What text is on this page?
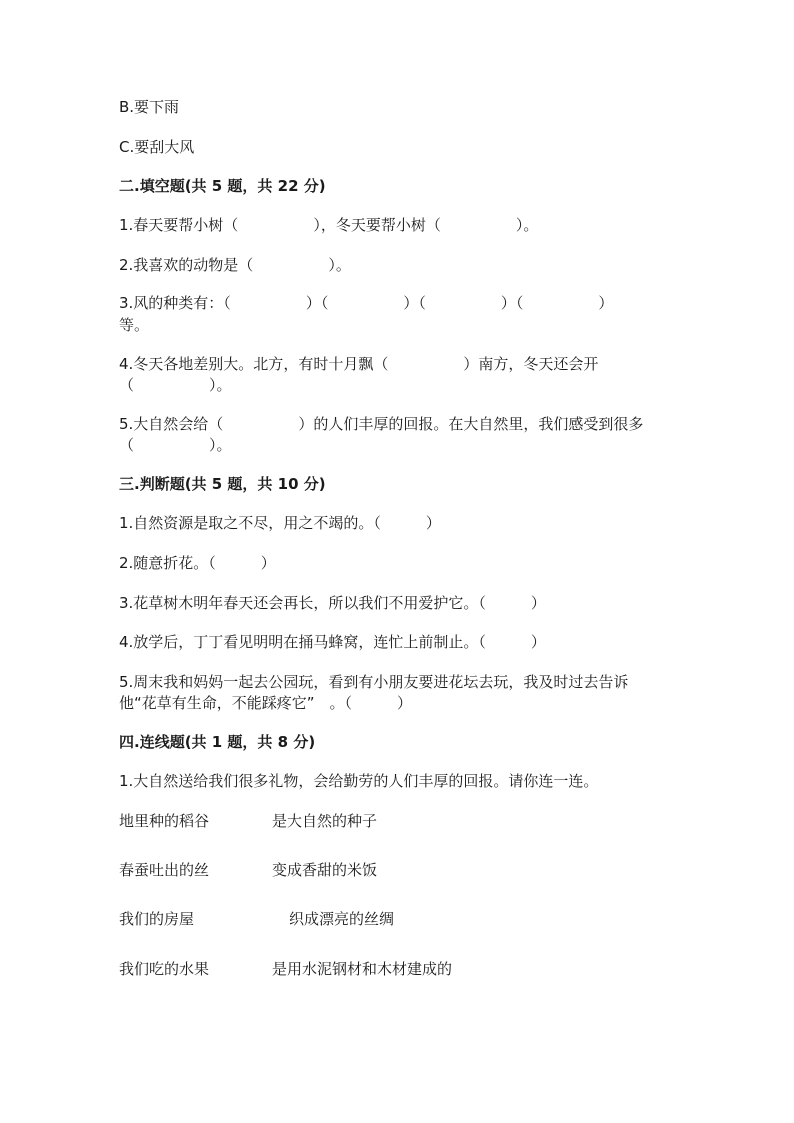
B.要下雨

C.要刮大风

二.填空题(共 5 题，共 22 分)

1.春天要帮小树（　　　　　），冬天要帮小树（　　　　　）。

2.我喜欢的动物是（　　　　　）。

3.风的种类有：（　　　　　）（　　　　　）（　　　　　）（　　　　　）

等。

4.冬天各地差别大。北方，有时十月飘（　　　　　）南方，冬天还会开

（　　　　　）。

5.大自然会给（　　　　　）的人们丰厚的回报。在大自然里，我们感受到很多

（　　　　　）。

三.判断题(共 5 题，共 10 分)

1.自然资源是取之不尽，用之不竭的。（　　　）

2.随意折花。（　　　）

3.花草树木明年春天还会再长，所以我们不用爱护它。（　　　）

4.放学后，丁丁看见明明在捅马蜂窝，连忙上前制止。（　　　）

5.周末我和妈妈一起去公园玩，看到有小朋友要进花坛去玩，我及时过去告诉

他“花草有生命，不能踩疼它”　。（　　　）

四.连线题(共 1 题，共 8 分)

1.大自然送给我们很多礼物，会给勤劳的人们丰厚的回报。请你连一连。

地里种的稻谷	是大自然的种子

春蚕吐出的丝	变成香甜的米饭

我们的房屋	织成漂亮的丝绸

我们吃的水果	是用水泥钢材和木材建成的
